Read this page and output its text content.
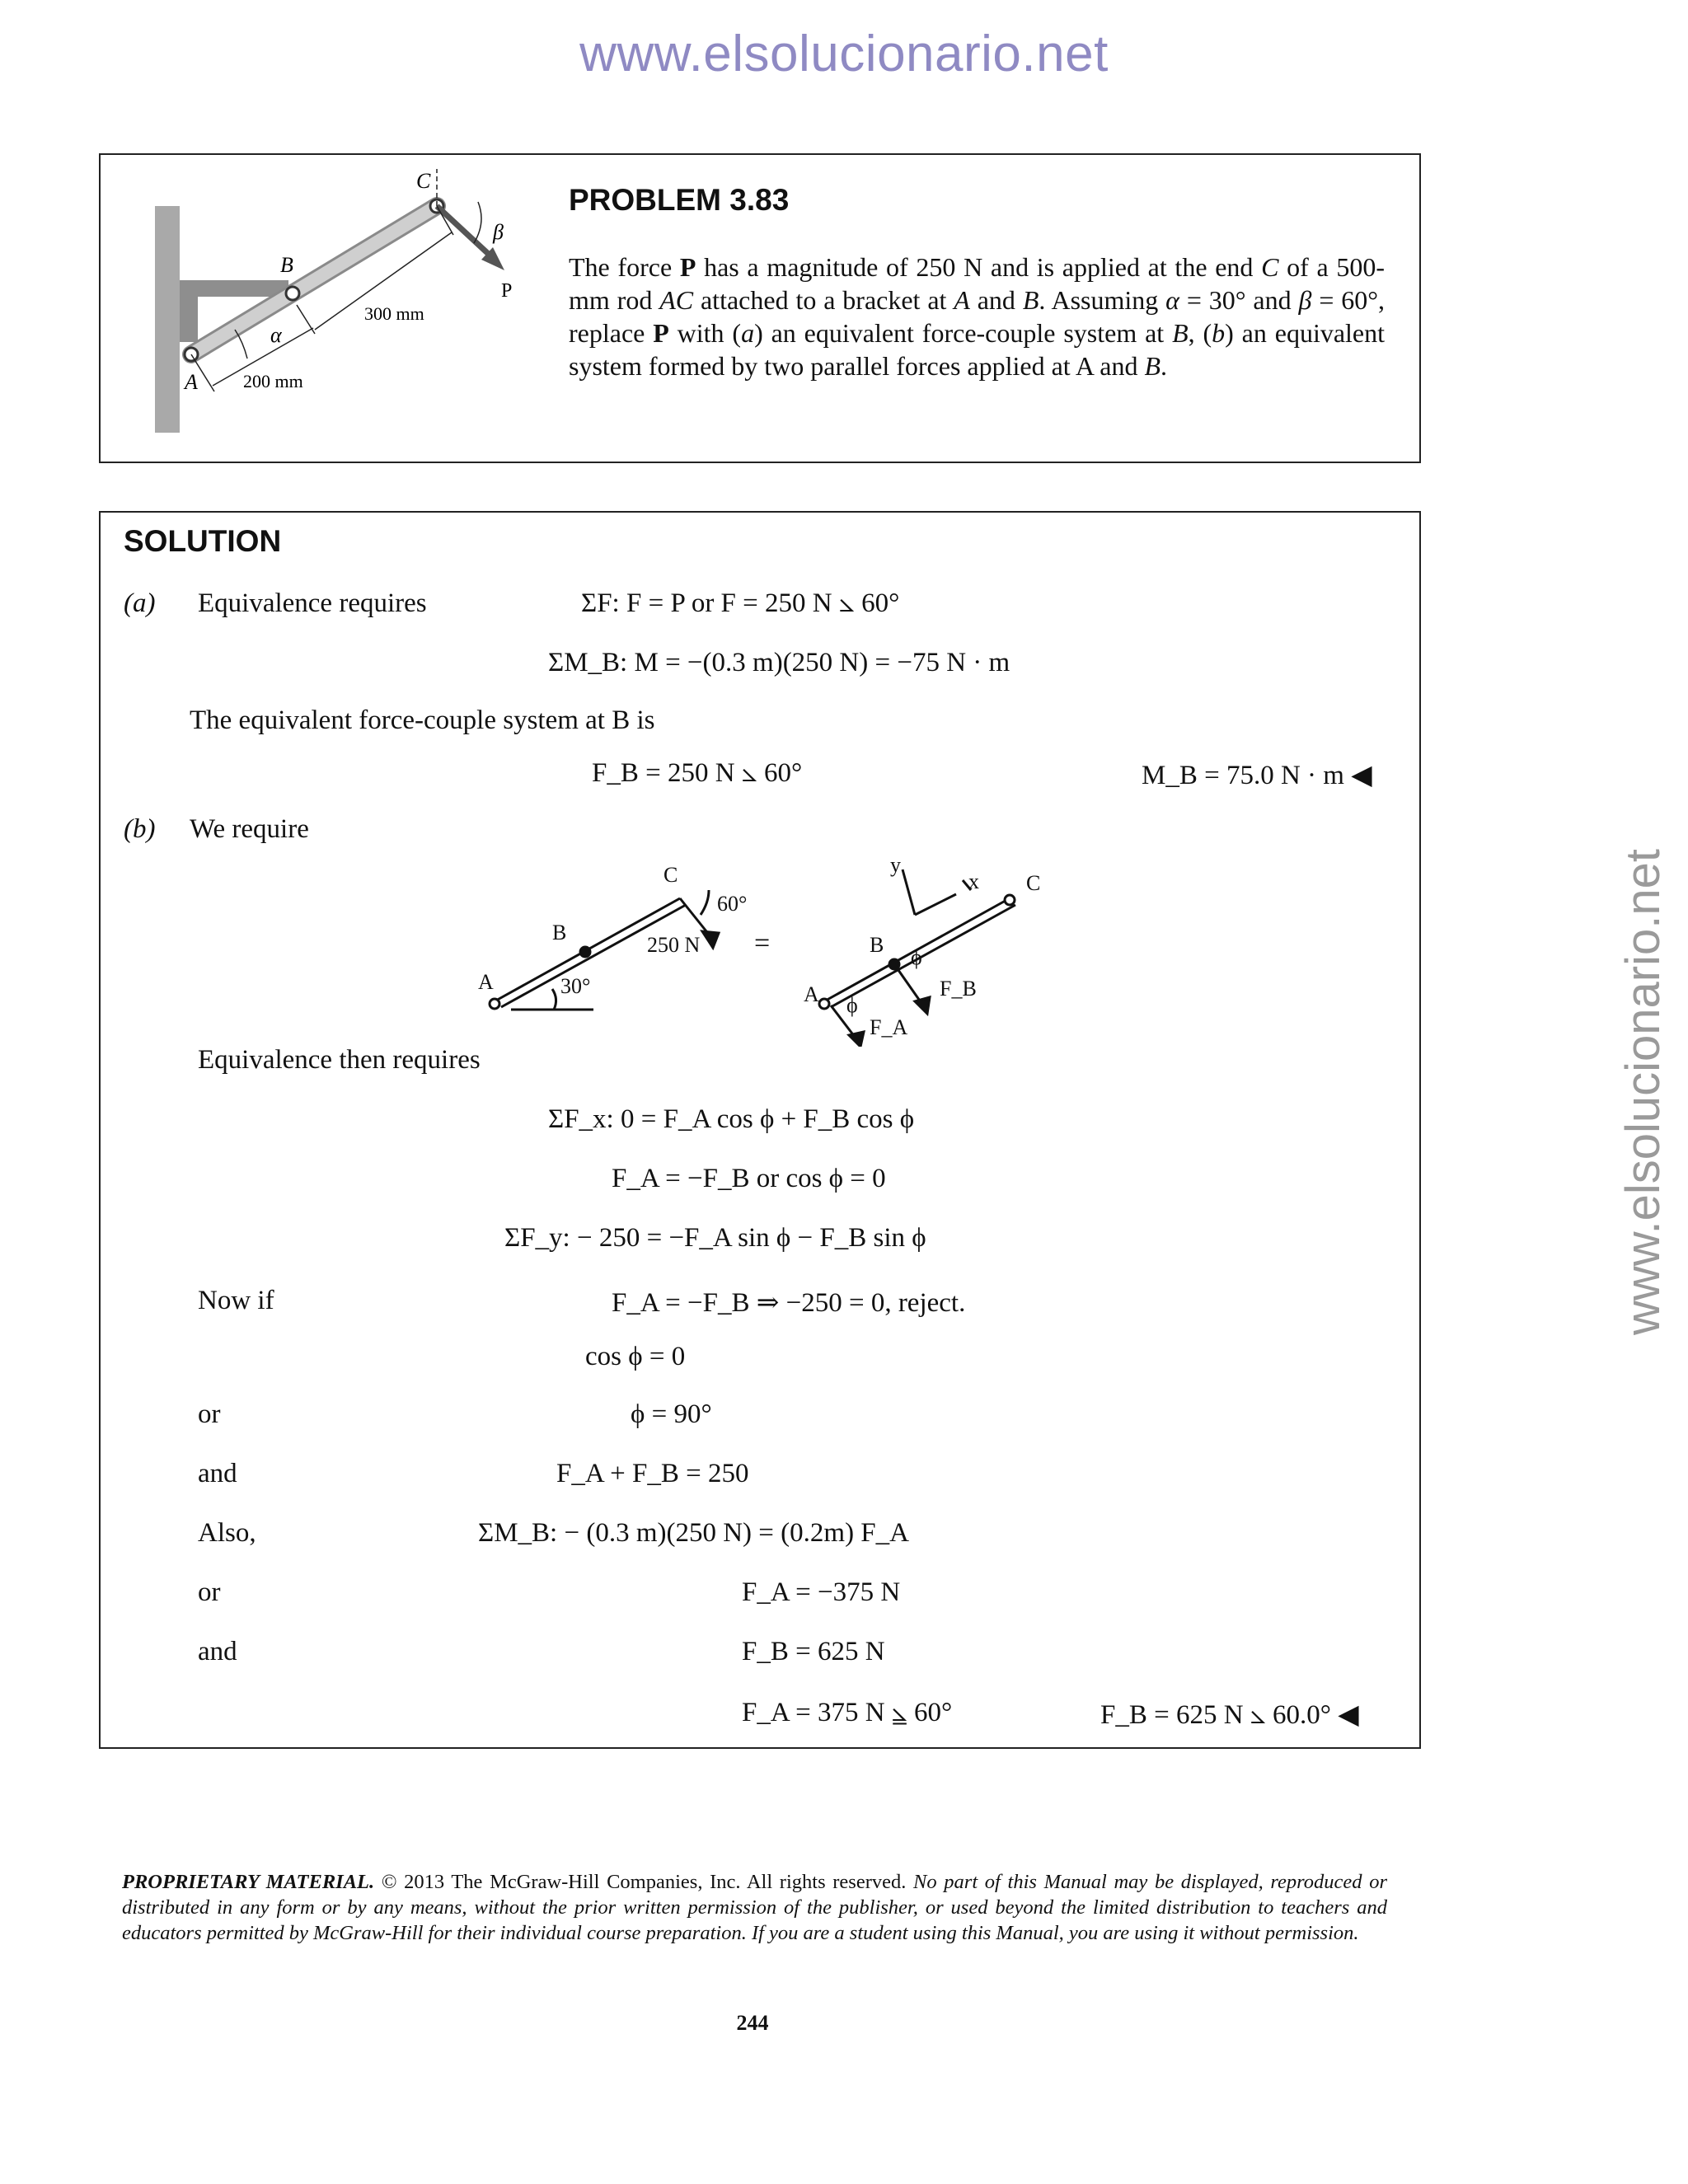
www.elsolucionario.net
www.elsolucionario.net
C
B
A
P
β
α
300 mm
200 mm
PROBLEM 3.83
The force P has a magnitude of 250 N and is applied at the end C of a 500-mm rod AC attached to a bracket at A and B. Assuming α = 30° and β = 60°, replace P with (a) an equivalent force-couple system at B, (b) an equivalent system formed by two parallel forces applied at A and B.
SOLUTION
(a) Equivalence requires	ΣF: F = P or F = 250 N ⦣ 60°
ΣM_B: M = −(0.3 m)(250 N) = −75 N · m
The equivalent force-couple system at B is
F_B = 250 N ⦣ 60°	M_B = 75.0 N · m ◀
(b) We require
C
B
A
60°
250 N
30°
=
y
x C
B
A
ϕ
ϕ
F_A
F_B
Equivalence then requires
ΣF_x: 0 = F_A cos ϕ + F_B cos ϕ
F_A = −F_B or cos ϕ = 0
ΣF_y: − 250 = −F_A sin ϕ − F_B sin ϕ
Now if	F_A = −F_B ⇒ −250 = 0, reject.
cos ϕ = 0
or	ϕ = 90°
and	F_A + F_B = 250
Also,	ΣM_B: − (0.3 m)(250 N) = (0.2m) F_A
or	F_A = −375 N
and	F_B = 625 N
F_A = 375 N ⦥ 60°	F_B = 625 N ⦣ 60.0° ◀
PROPRIETARY MATERIAL. © 2013 The McGraw-Hill Companies, Inc. All rights reserved. No part of this Manual may be displayed, reproduced or distributed in any form or by any means, without the prior written permission of the publisher, or used beyond the limited distribution to teachers and educators permitted by McGraw-Hill for their individual course preparation. If you are a student using this Manual, you are using it without permission.
244
